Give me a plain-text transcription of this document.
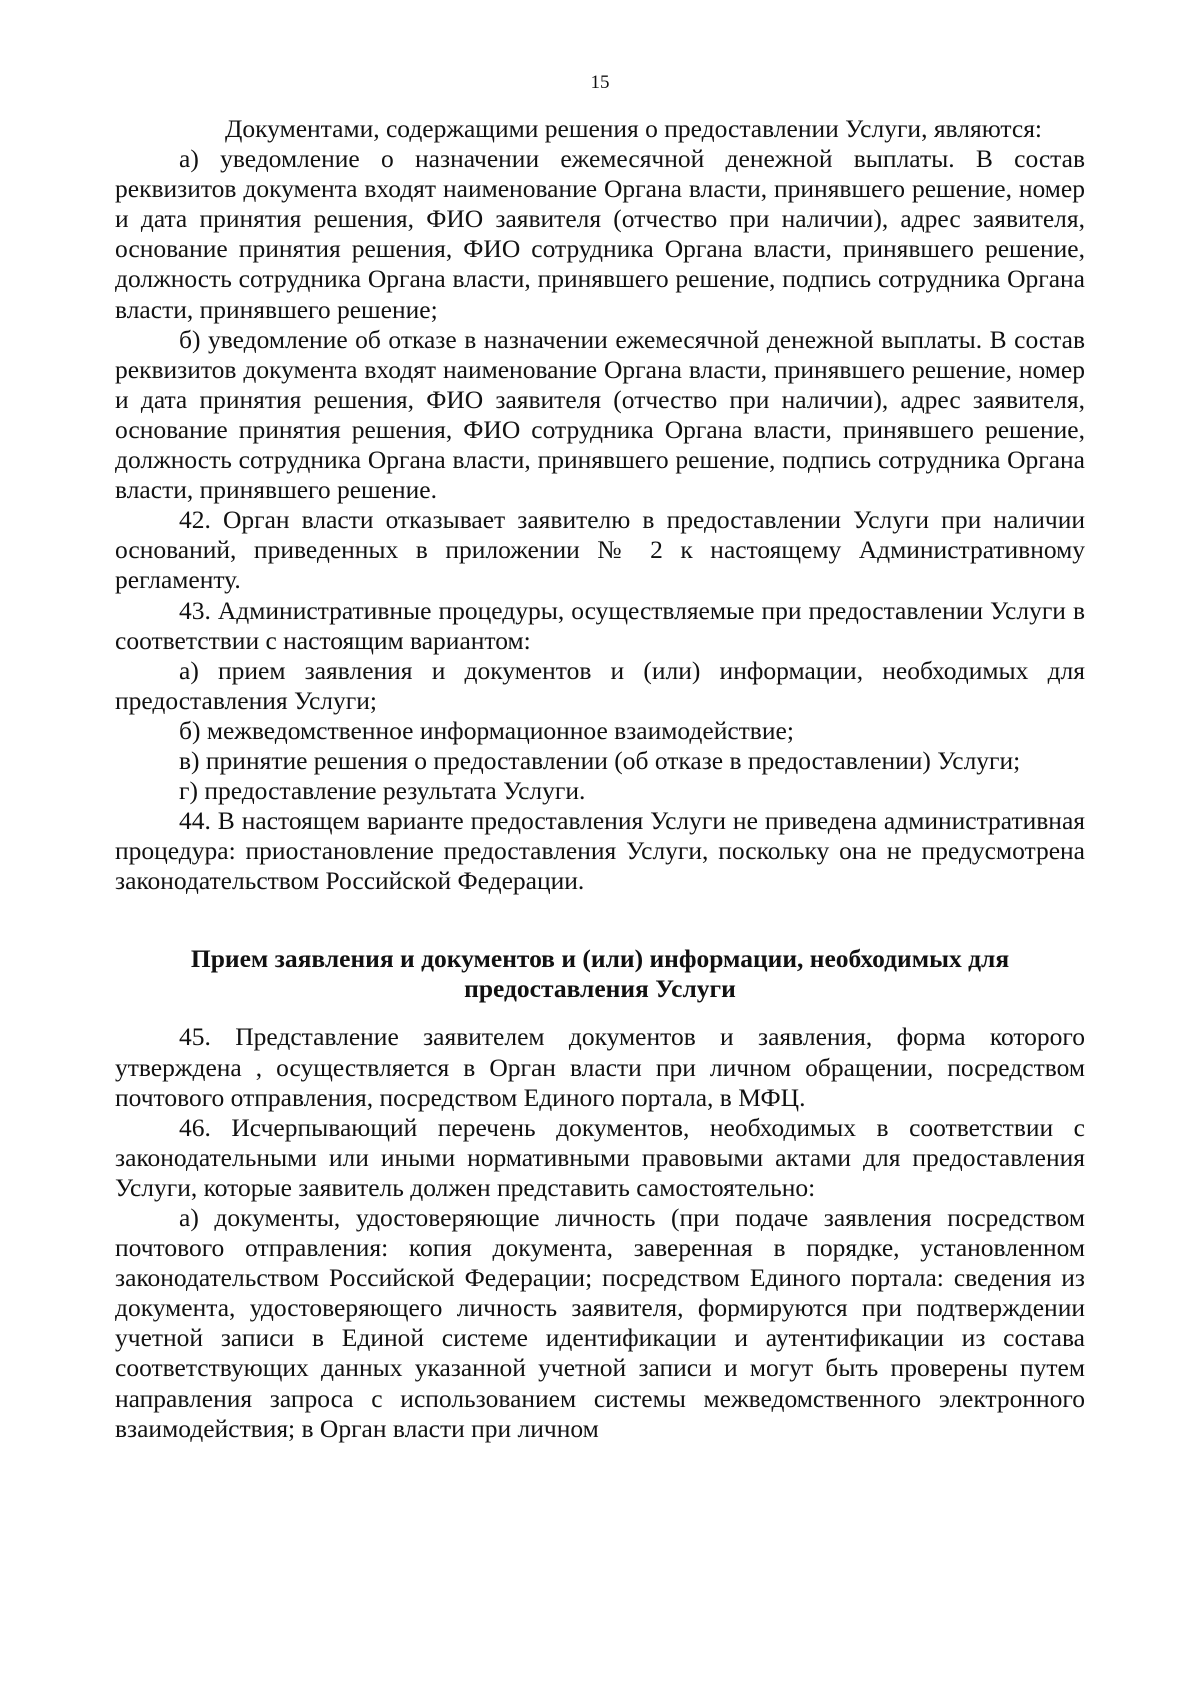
15

Документами, содержащими решения о предоставлении Услуги, являются:

а) уведомление о назначении ежемесячной денежной выплаты. В состав реквизитов документа входят наименование Органа власти, принявшего решение, номер и дата принятия решения, ФИО заявителя (отчество при наличии), адрес заявителя, основание принятия решения, ФИО сотрудника Органа власти, принявшего решение, должность сотрудника Органа власти, принявшего решение, подпись сотрудника Органа власти, принявшего решение;

б) уведомление об отказе в назначении ежемесячной денежной выплаты. В состав реквизитов документа входят наименование Органа власти, принявшего решение, номер и дата принятия решения, ФИО заявителя (отчество при наличии), адрес заявителя, основание принятия решения, ФИО сотрудника Органа власти, принявшего решение, должность сотрудника Органа власти, принявшего решение, подпись сотрудника Органа власти, принявшего решение.

42. Орган власти отказывает заявителю в предоставлении Услуги при наличии оснований, приведенных в приложении № 2 к настоящему Административному регламенту.

43. Административные процедуры, осуществляемые при предоставлении Услуги в соответствии с настоящим вариантом:

а) прием заявления и документов и (или) информации, необходимых для предоставления Услуги;

б) межведомственное информационное взаимодействие;

в) принятие решения о предоставлении (об отказе в предоставлении) Услуги;

г) предоставление результата Услуги.

44. В настоящем варианте предоставления Услуги не приведена административная процедура: приостановление предоставления Услуги, поскольку она не предусмотрена законодательством Российской Федерации.

Прием заявления и документов и (или) информации, необходимых для
предоставления Услуги

45. Представление заявителем документов и заявления, форма которого утверждена , осуществляется в Орган власти при личном обращении, посредством почтового отправления, посредством Единого портала, в МФЦ.

46. Исчерпывающий перечень документов, необходимых в соответствии с законодательными или иными нормативными правовыми актами для предоставления Услуги, которые заявитель должен представить самостоятельно:

а) документы, удостоверяющие личность (при подаче заявления посредством почтового отправления: копия документа, заверенная в порядке, установленном законодательством Российской Федерации; посредством Единого портала: сведения из документа, удостоверяющего личность заявителя, формируются при подтверждении учетной записи в Единой системе идентификации и аутентификации из состава соответствующих данных указанной учетной записи и могут быть проверены путем направления запроса с использованием системы межведомственного электронного взаимодействия; в Орган власти при личном
